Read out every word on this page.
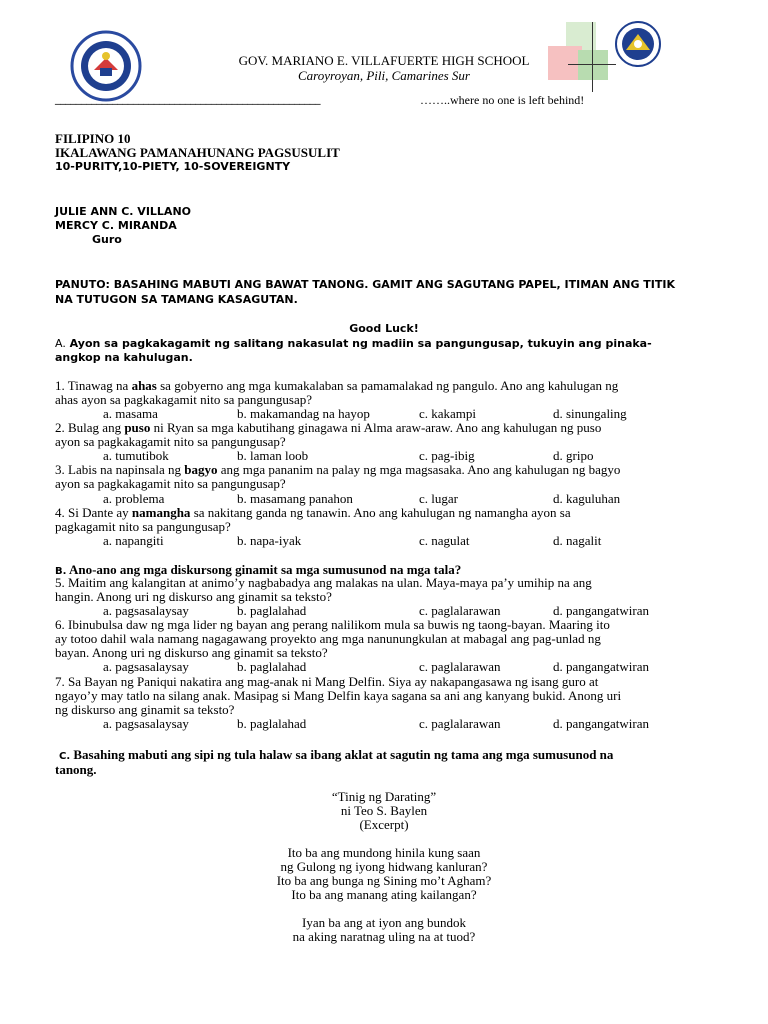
GOV. MARIANO E. VILLAFUERTE HIGH SCHOOL
Caroyroyan, Pili, Camarines Sur
___________________________________________________	……..where no one is left behind!
FILIPINO 10
IKALAWANG PAMANAHUNANG PAGSUSULIT
10-PURITY,10-PIETY, 10-SOVEREIGNTY
JULIE ANN C. VILLANO
MERCY C. MIRANDA
Guro
PANUTO: BASAHING MABUTI ANG BAWAT TANONG. GAMIT ANG SAGUTANG PAPEL, ITIMAN ANG TITIK
NA TUTUGON SA TAMANG KASAGUTAN.
Good Luck!
A. Ayon sa pagkakagamit ng salitang nakasulat ng madiin sa pangungusap, tukuyin ang pinaka-
angkop na kahulugan.
1. Tinawag na ahas sa gobyerno ang mga kumakalaban sa pamamalakad ng pangulo. Ano ang kahulugan ng
ahas ayon sa pagkakagamit nito sa pangungusap?
a. masama	b. makamandag na hayop	c. kakampi	d. sinungaling
2. Bulag ang puso ni Ryan sa mga kabutihang ginagawa ni Alma araw-araw. Ano ang kahulugan ng puso
ayon sa pagkakagamit nito sa pangungusap?
a. tumutibok	b. laman loob	c. pag-ibig	d. gripo
3. Labis na napinsala ng bagyo ang mga pananim na palay ng mga magsasaka. Ano ang kahulugan ng bagyo
ayon sa pagkakagamit nito sa pangungusap?
a. problema	b. masamang panahon	c. lugar	d. kaguluhan
4. Si Dante ay namangha sa nakitang ganda ng tanawin. Ano ang kahulugan ng namangha ayon sa
pagkagamit nito sa pangungusap?
a. napangiti	b. napa-iyak	c. nagulat	d. nagalit
B. Ano-ano ang mga diskursong ginamit sa mga sumusunod na mga tala?
5. Maitim ang kalangitan at animo’y nagbabadya ang malakas na ulan. Maya-maya pa’y umihip na ang
hangin. Anong uri ng diskurso ang ginamit sa teksto?
a. pagsasalaysay	b. paglalahad	c. paglalarawan	d. pangangatwiran
6. Ibinubulsa daw ng mga lider ng bayan ang perang nalilikom mula sa buwis ng taong-bayan. Maaring ito
ay totoo dahil wala namang nagagawang proyekto ang mga nanunungkulan at mabagal ang pag-unlad ng
bayan. Anong uri ng diskurso ang ginamit sa teksto?
a. pagsasalaysay	b. paglalahad	c. paglalarawan	d. pangangatwiran
7. Sa Bayan ng Paniqui nakatira ang mag-anak ni Mang Delfin. Siya ay nakapangasawa ng isang guro at
ngayo’y may tatlo na silang anak. Masipag si Mang Delfin kaya sagana sa ani ang kanyang bukid. Anong uri
ng diskurso ang ginamit sa teksto?
a. pagsasalaysay	b. paglalahad	c. paglalarawan	d. pangangatwiran
C. Basahing mabuti ang sipi ng tula halaw sa ibang aklat at sagutin ng tama ang mga sumusunod na
tanong.
“Tinig ng Darating”
ni Teo S. Baylen
(Excerpt)
Ito ba ang mundong hinila kung saan
ng Gulong ng iyong hidwang kanluran?
Ito ba ang bunga ng Sining mo’t Agham?
Ito ba ang manang ating kailangan?
Iyan ba ang at iyon ang bundok
na aking naratnag uling na at tuod?
